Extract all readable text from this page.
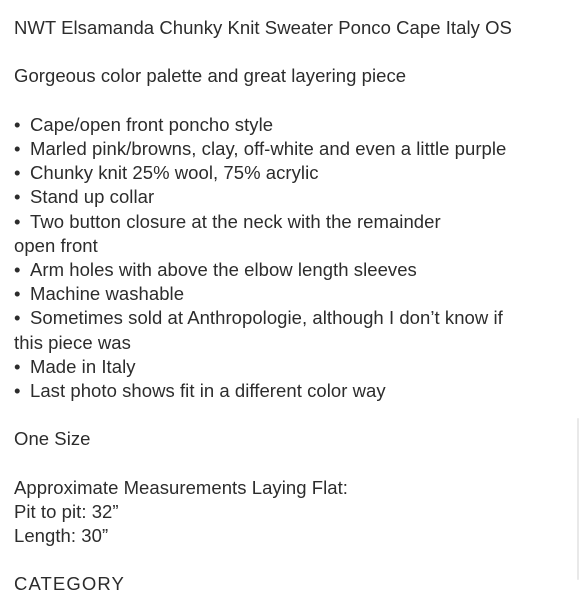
NWT Elsamanda Chunky Knit Sweater Ponco Cape Italy OS
Gorgeous color palette and great layering piece
• Cape/open front poncho style
• Marled pink/browns, clay, off-white and even a little purple
• Chunky knit 25% wool, 75% acrylic
• Stand up collar
• Two button closure at the neck with the remainder
open front
• Arm holes with above the elbow length sleeves
• Machine washable
• Sometimes sold at Anthropologie, although I don’t know if
this piece was
• Made in Italy
• Last photo shows fit in a different color way
One Size
Approximate Measurements Laying Flat:
Pit to pit: 32”
Length: 30”
CATEGORY
